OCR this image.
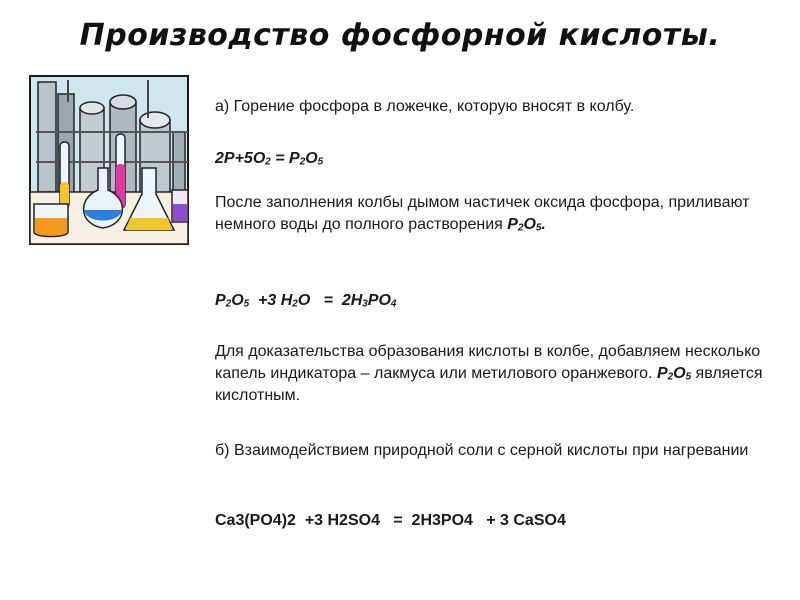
Производство фосфорной кислоты.

а) Горение фосфора в ложечке, которую вносят в колбу.

$2P+5O_2 = P_2O_5$

После заполнения колбы дымом частичек оксида фосфора, приливают немного воды до полного растворения $P_2O_5$.

$P_2O_5 +3$ $H_2O = 2H_3PO_4$

Для доказательства образования кислоты в колбе, добавляем несколько капель индикатора – лакмуса или метилового оранжевого. $P_2O_5$ является кислотным.

б) Взаимодействием природной соли с серной кислоты при нагревании

Ca3(PO4)2  +3 H2SO4   =  2H3PO4   + 3 CaSO4
